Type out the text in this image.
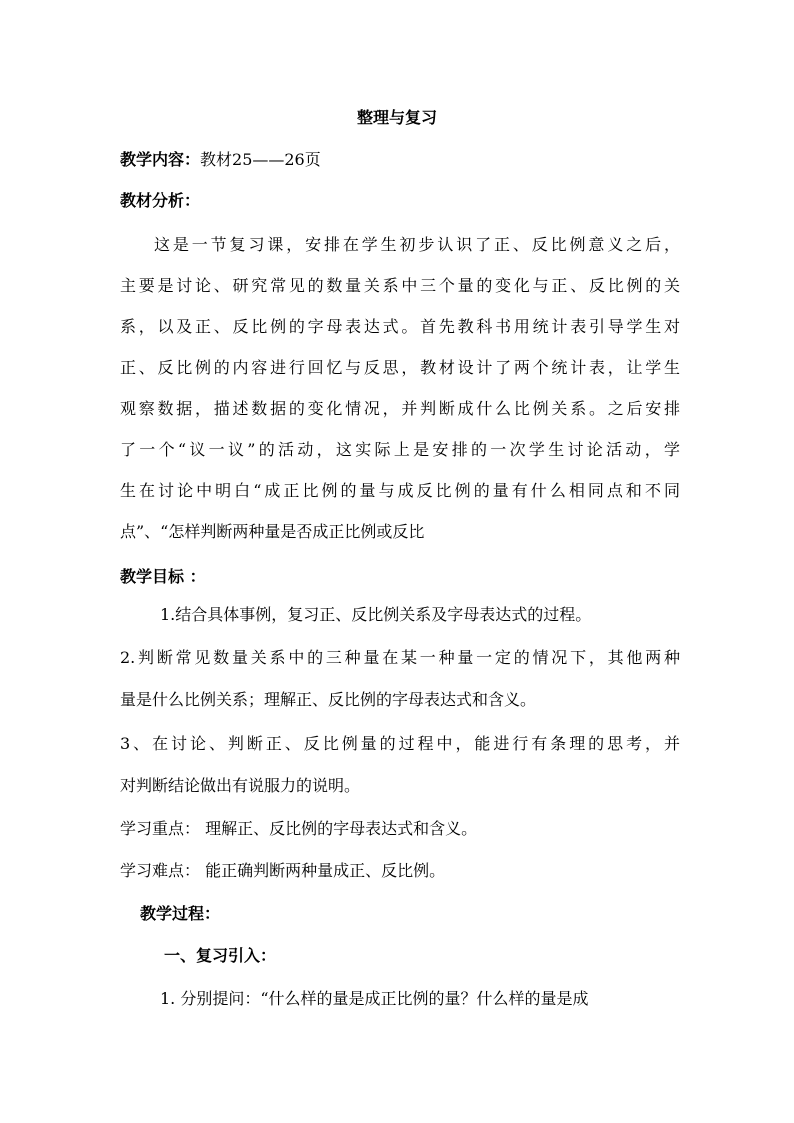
整理与复习
教学内容：教材25——26页
教材分析：
这是一节复习课，安排在学生初步认识了正、反比例意义之后，
主要是讨论、研究常见的数量关系中三个量的变化与正、反比例的关
系，以及正、反比例的字母表达式。首先教科书用统计表引导学生对
正、反比例的内容进行回忆与反思，教材设计了两个统计表，让学生
观察数据，描述数据的变化情况，并判断成什么比例关系。之后安排
了一个“议一议”的活动，这实际上是安排的一次学生讨论活动，学
生在讨论中明白“成正比例的量与成反比例的量有什么相同点和不同
点”、“怎样判断两种量是否成正比例或反比
教学目标 ：
1.结合具体事例，复习正、反比例关系及字母表达式的过程。
2.判断常见数量关系中的三种量在某一种量一定的情况下，其他两种
量是什么比例关系；理解正、反比例的字母表达式和含义。
3、在讨论、判断正、反比例量的过程中，能进行有条理的思考，并
对判断结论做出有说服力的说明。
学习重点： 理解正、反比例的字母表达式和含义。
学习难点： 能正确判断两种量成正、反比例。
教学过程：
一、复习引入：
1. 分别提问：“什么样的量是成正比例的量？什么样的量是成
